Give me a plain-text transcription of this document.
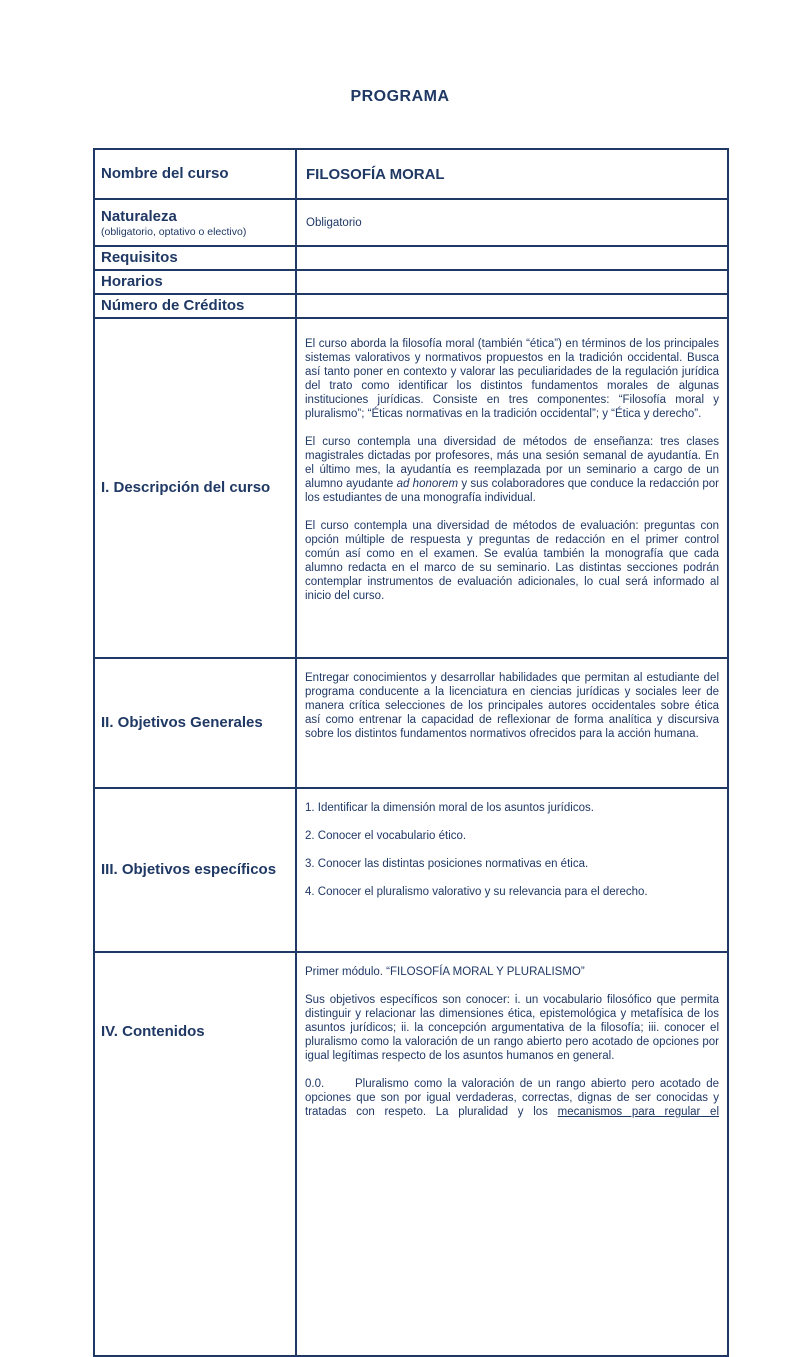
PROGRAMA
Nombre del curso	FILOSOFÍA MORAL
Naturaleza
(obligatorio, optativo o electivo)	Obligatorio
Requisitos	
Horarios	
Número de Créditos	
I. Descripción del curso	El curso aborda la filosofía moral (también “ética”) en términos de los principales sistemas valorativos y normativos propuestos en la tradición occidental. Busca así tanto poner en contexto y valorar las peculiaridades de la regulación jurídica del trato como identificar los distintos fundamentos morales de algunas instituciones jurídicas. Consiste en tres componentes: “Filosofía moral y pluralismo”; “Éticas normativas en la tradición occidental”; y “Ética y derecho”.

El curso contempla una diversidad de métodos de enseñanza: tres clases magistrales dictadas por profesores, más una sesión semanal de ayudantía. En el último mes, la ayudantía es reemplazada por un seminario a cargo de un alumno ayudante ad honorem y sus colaboradores que conduce la redacción por los estudiantes de una monografía individual.

El curso contempla una diversidad de métodos de evaluación: preguntas con opción múltiple de respuesta y preguntas de redacción en el primer control común así como en el examen. Se evalúa también la monografía que cada alumno redacta en el marco de su seminario. Las distintas secciones podrán contemplar instrumentos de evaluación adicionales, lo cual será informado al inicio del curso.

II. Objetivos Generales	Entregar conocimientos y desarrollar habilidades que permitan al estudiante del programa conducente a la licenciatura en ciencias jurídicas y sociales leer de manera crítica selecciones de los principales autores occidentales sobre ética así como entrenar la capacidad de reflexionar de forma analítica y discursiva sobre los distintos fundamentos normativos ofrecidos para la acción humana.

III. Objetivos específicos	1. Identificar la dimensión moral de los asuntos jurídicos.

2. Conocer el vocabulario ético.

3. Conocer las distintas posiciones normativas en ética.

4. Conocer el pluralismo valorativo y su relevancia para el derecho.

IV. Contenidos	Primer módulo. “FILOSOFÍA MORAL Y PLURALISMO”

Sus objetivos específicos son conocer: i. un vocabulario filosófico que permita distinguir y relacionar las dimensiones ética, epistemológica y metafísica de los asuntos jurídicos; ii. la concepción argumentativa de la filosofía; iii. conocer el pluralismo como la valoración de un rango abierto pero acotado de opciones por igual legítimas respecto de los asuntos humanos en general.

0.0. Pluralismo como la valoración de un rango abierto pero acotado de opciones que son por igual verdaderas, correctas, dignas de ser conocidas y tratadas con respeto. La pluralidad y los mecanismos para regular el
